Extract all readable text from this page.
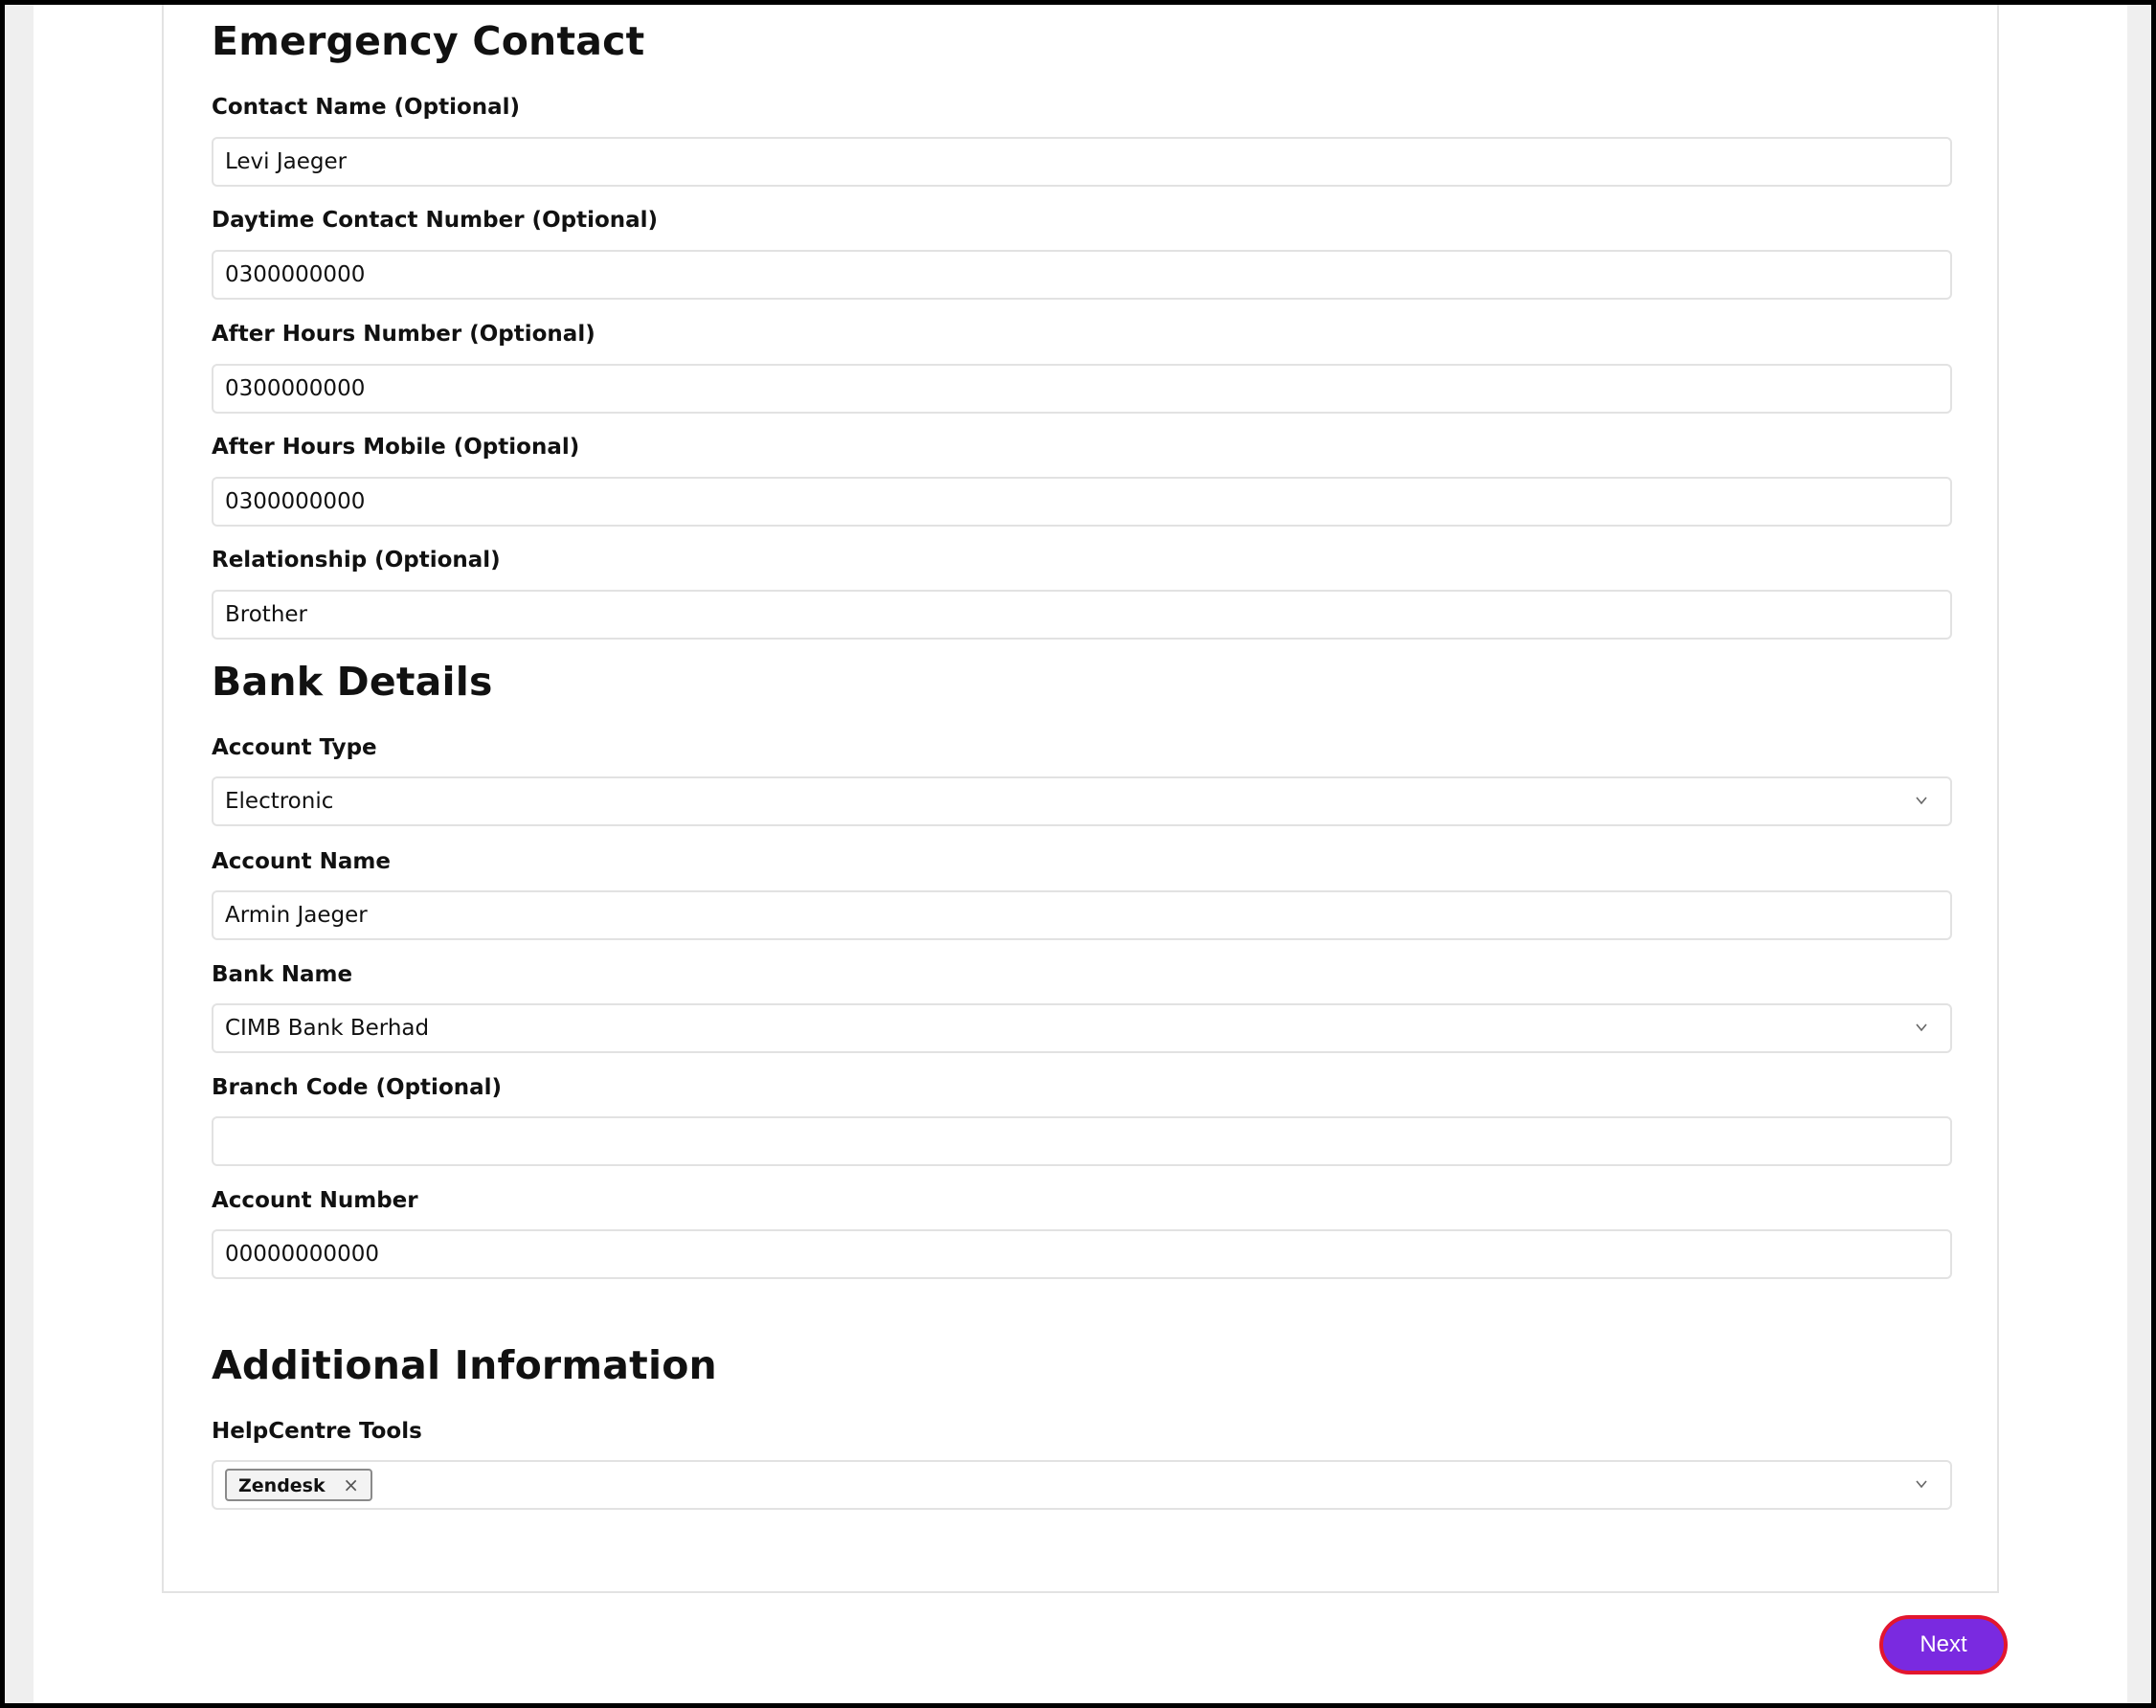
Emergency Contact
Contact Name (Optional)
Levi Jaeger
Daytime Contact Number (Optional)
0300000000
After Hours Number (Optional)
0300000000
After Hours Mobile (Optional)
0300000000
Relationship (Optional)
Brother
Bank Details
Account Type
Electronic
Account Name
Armin Jaeger
Bank Name
CIMB Bank Berhad
Branch Code (Optional)
Account Number
00000000000
Additional Information
HelpCentre Tools
Zendesk ×
Next
